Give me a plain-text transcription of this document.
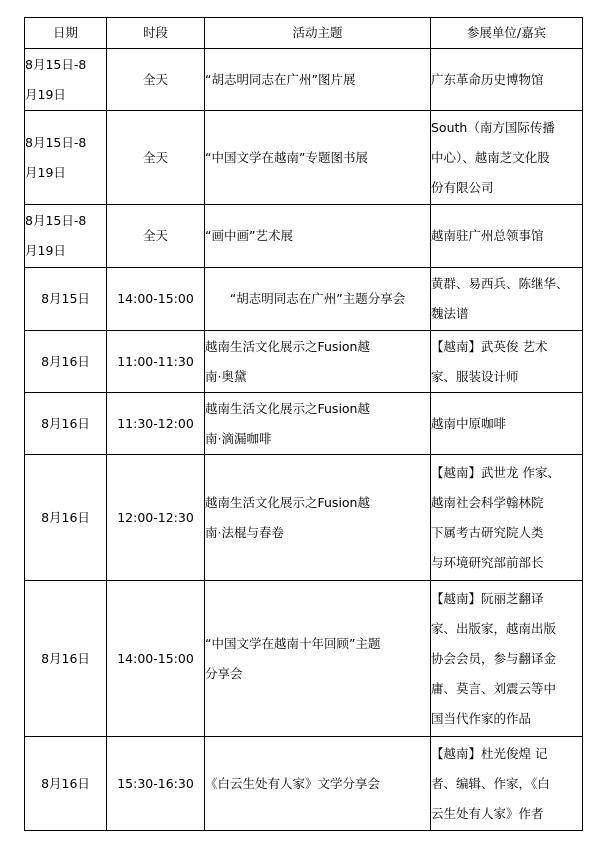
日期	时段	活动主题	参展单位/嘉宾

8月15日-8
月19日	全天	“胡志明同志在广州”图片展	广东革命历史博物馆

8月15日-8
月19日	全天	“中国文学在越南”专题图书展	South（南方国际传播
中心）、越南芝文化股
份有限公司

8月15日-8
月19日	全天	“画中画”艺术展	越南驻广州总领事馆

8月15日	14:00-15:00	“胡志明同志在广州”主题分享会	黄群、易西兵、陈继华、
魏法谱

8月16日	11:00-11:30	越南生活文化展示之Fusion越
南·奥黛	【越南】武英俊 艺术
家、服装设计师

8月16日	11:30-12:00	越南生活文化展示之Fusion越
南·滴漏咖啡	越南中原咖啡

8月16日	12:00-12:30	越南生活文化展示之Fusion越
南·法棍与春卷	【越南】武世龙 作家、
越南社会科学翰林院
下属考古研究院人类
与环境研究部前部长

8月16日	14:00-15:00	“中国文学在越南十年回顾”主题
分享会	【越南】阮丽芝翻译
家、出版家，越南出版
协会会员，参与翻译金
庸、莫言、刘震云等中
国当代作家的作品

8月16日	15:30-16:30	《白云生处有人家》文学分享会	【越南】杜光俊煌 记
者、编辑、作家，《白
云生处有人家》作者
